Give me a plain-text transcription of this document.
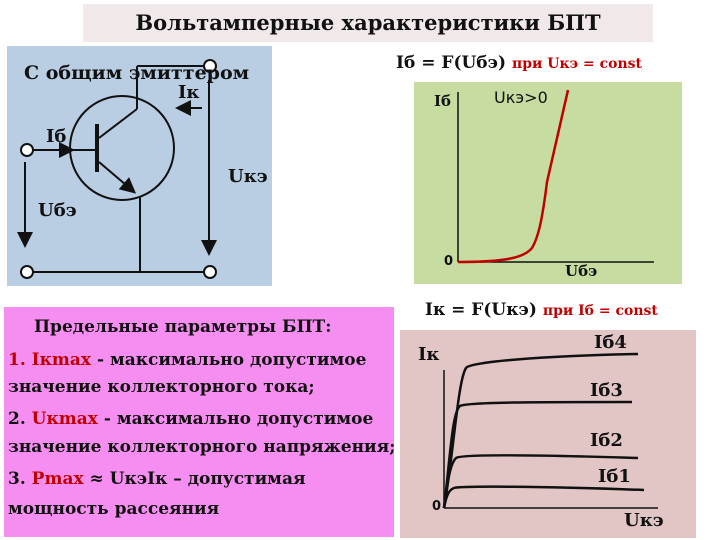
Вольтамперные характеристики БПТ
С общим эмиттером
Iк
Iб
Uкэ
Uбэ
Iб = F(Uбэ) при Uкэ = const
Iб	Uкэ>0
0
Uбэ
Iк = F(Uкэ) при Iб = const
Iк
Iб4
Iб3
Iб2
Iб1
0
Uкэ
Предельные параметры БПТ:
1. Iкmax - максимально допустимое
значение коллекторного тока;
2. Uкmax - максимально допустимое
значение коллекторного напряжения;
3. Pmax ≈ UкэIк – допустимая
мощность рассеяния
